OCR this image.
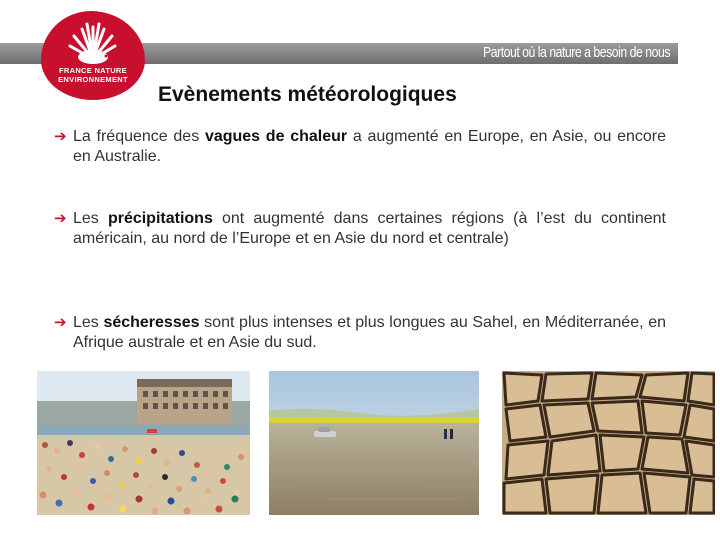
Partout où la nature a besoin de nous
FRANCE NATURE
ENVIRONNEMENT
Evènements météorologiques
➔ La fréquence des vagues de chaleur a augmenté en Europe, en Asie, ou encore en Australie.
➔ Les précipitations ont augmenté dans certaines régions (à l’est du continent américain, au nord de l’Europe et en Asie du nord et centrale)
➔ Les sécheresses sont plus intenses et plus longues au Sahel, en Méditerranée, en Afrique australe et en Asie du sud.
